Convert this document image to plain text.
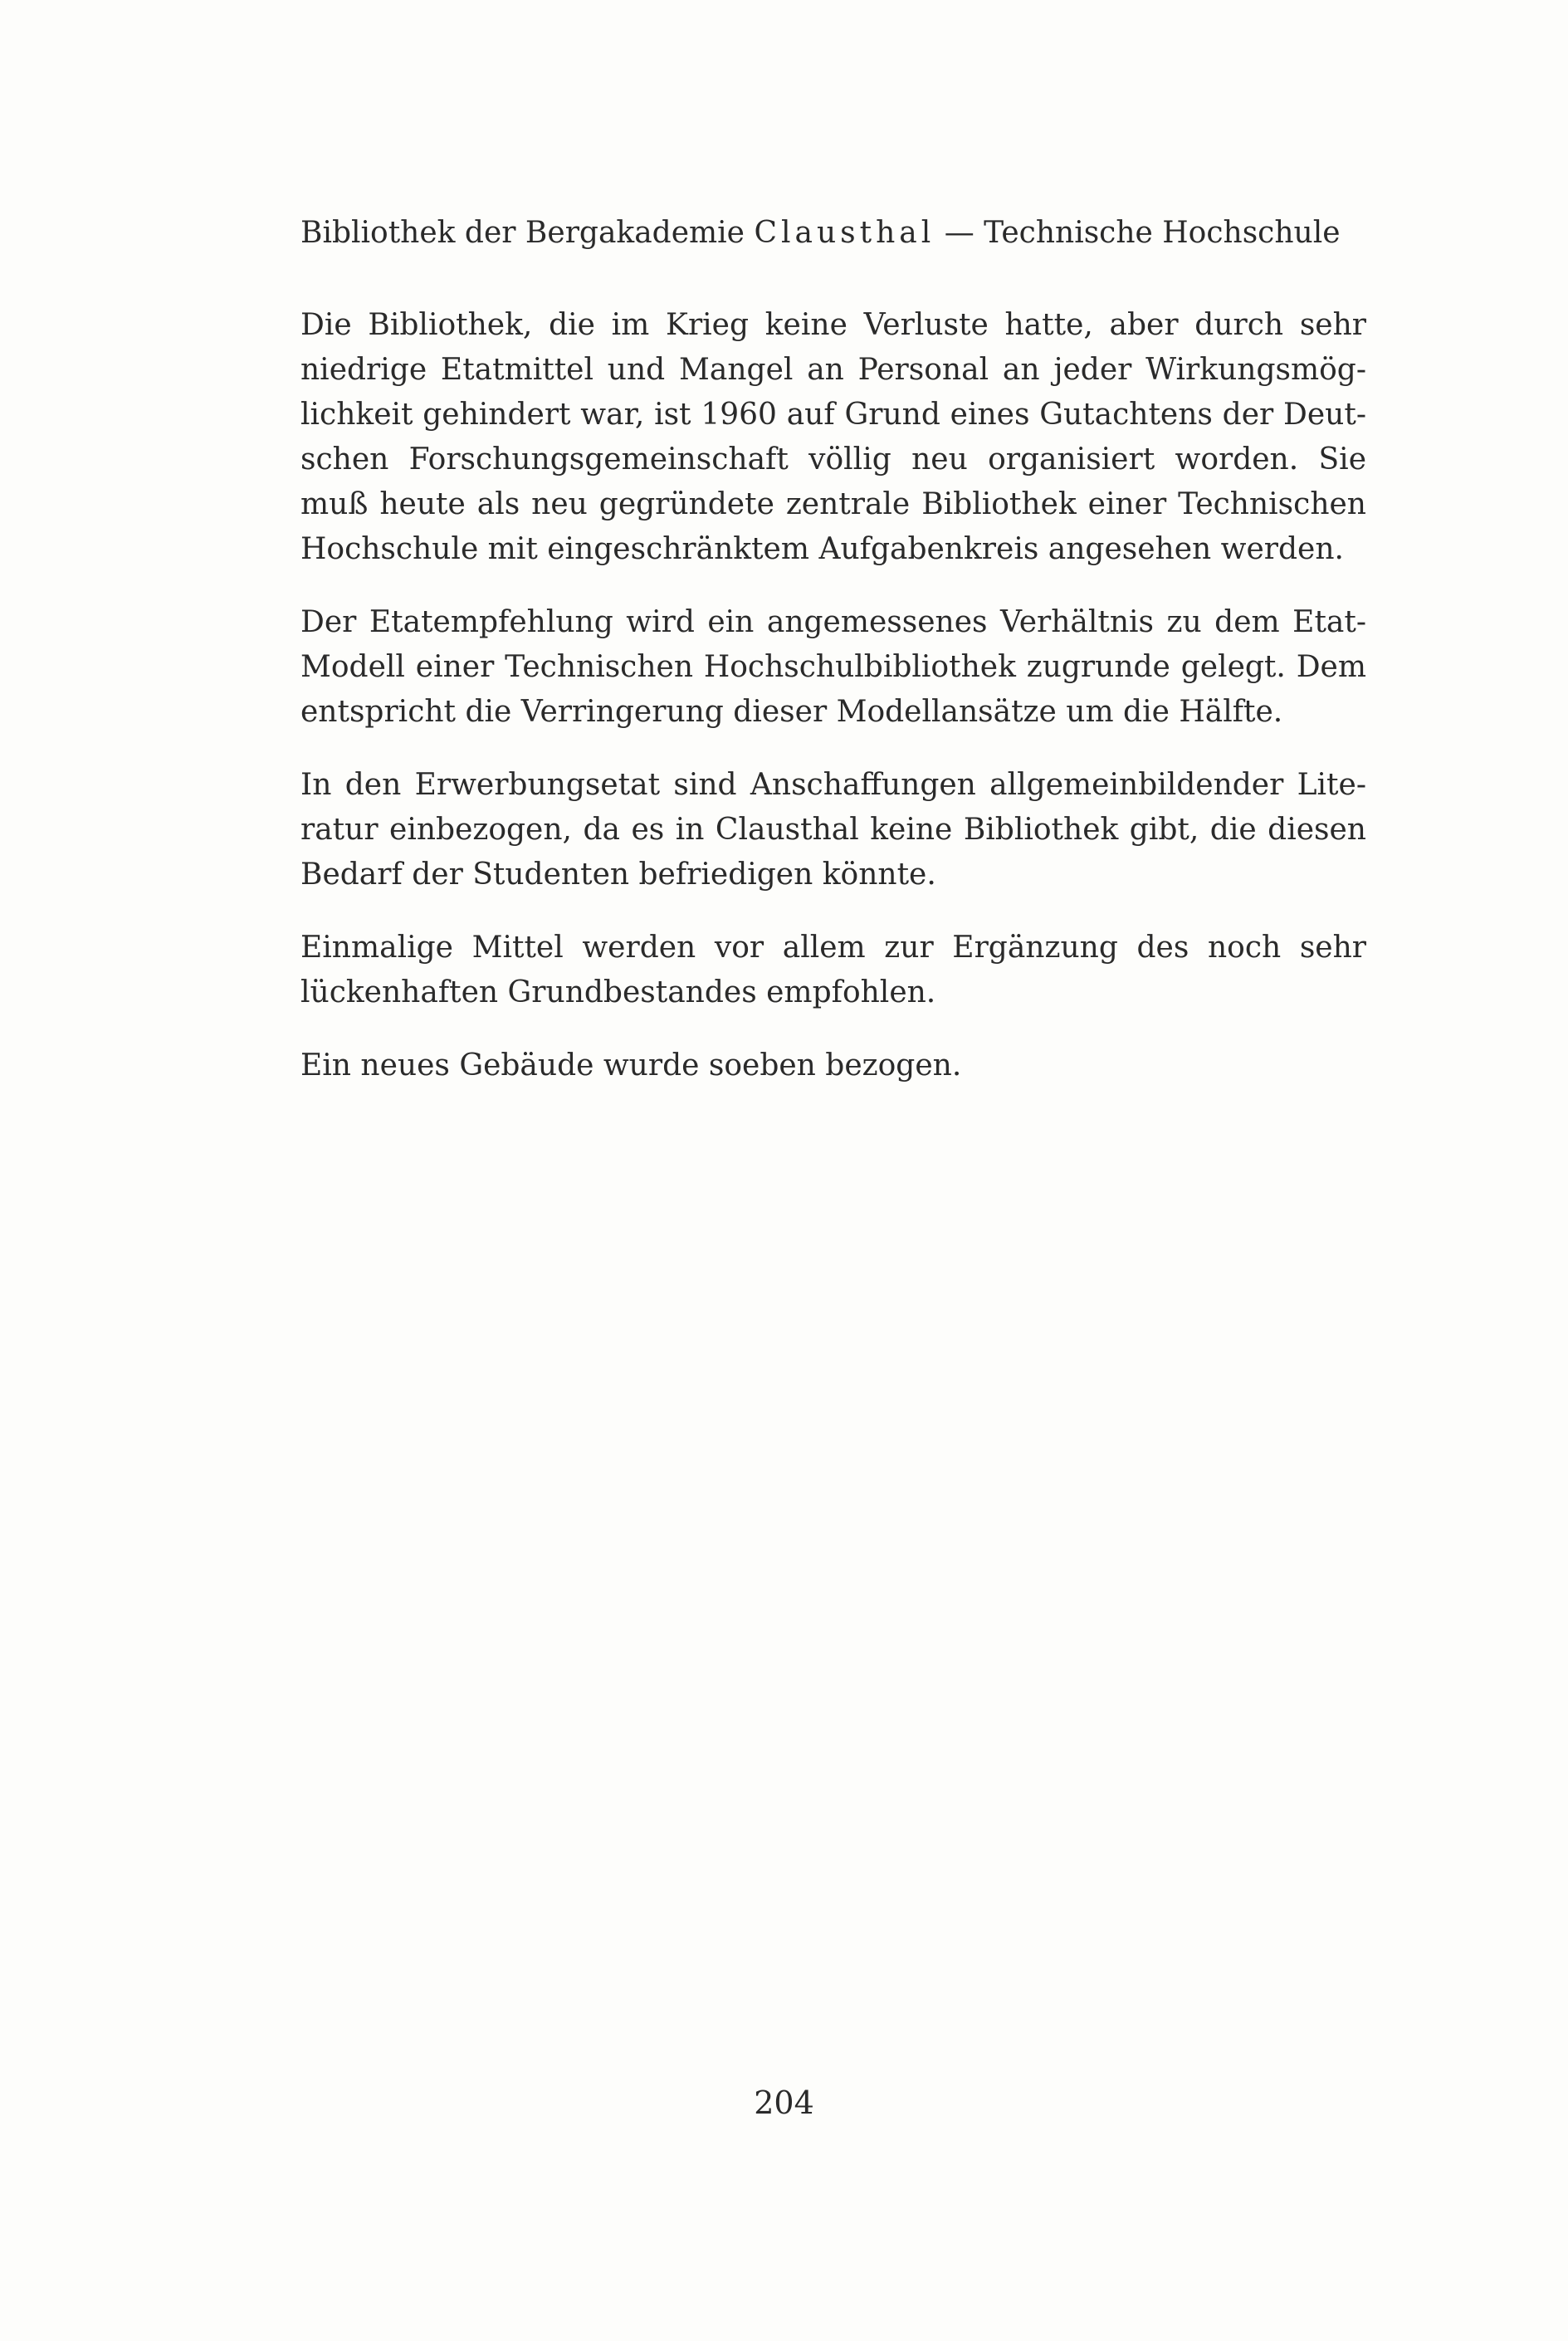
Bibliothek der Bergakademie Clausthal — Technische Hochschule

Die Bibliothek, die im Krieg keine Verluste hatte, aber durch sehr niedrige Etatmittel und Mangel an Personal an jeder Wirkungsmöglichkeit gehindert war, ist 1960 auf Grund eines Gutachtens der Deutschen Forschungsgemeinschaft völlig neu organisiert worden. Sie muß heute als neu gegründete zentrale Bibliothek einer Technischen Hochschule mit eingeschränktem Aufgabenkreis angesehen werden.

Der Etatempfehlung wird ein angemessenes Verhältnis zu dem Etat-Modell einer Technischen Hochschulbibliothek zugrunde gelegt. Dem entspricht die Verringerung dieser Modellansätze um die Hälfte.

In den Erwerbungsetat sind Anschaffungen allgemeinbildender Literatur einbezogen, da es in Clausthal keine Bibliothek gibt, die diesen Bedarf der Studenten befriedigen könnte.

Einmalige Mittel werden vor allem zur Ergänzung des noch sehr lückenhaften Grundbestandes empfohlen.

Ein neues Gebäude wurde soeben bezogen.

204
